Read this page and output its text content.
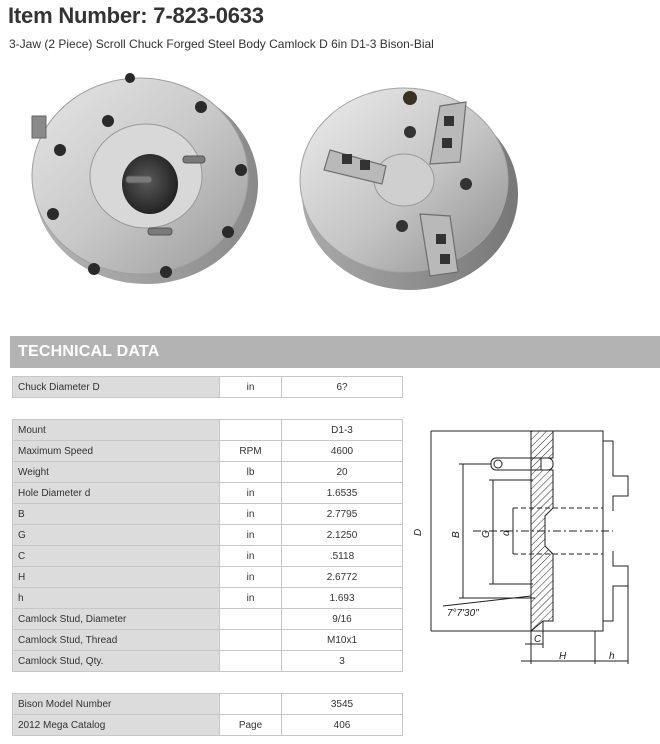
Item Number: 7-823-0633
3-Jaw (2 Piece) Scroll Chuck Forged Steel Body Camlock D 6in D1-3 Bison-Bial
TECHNICAL DATA
Chuck Diameter D	in	6?
Mount		D1-3
Maximum Speed	RPM	4600
Weight	lb	20
Hole Diameter d	in	1.6535
B	in	2.7795
G	in	2.1250
C	in	.5118
H	in	2.6772
h	in	1.693
Camlock Stud, Diameter		9/16
Camlock Stud, Thread		M10x1
Camlock Stud, Qty.		3
Bison Model Number		3545
2012 Mega Catalog	Page	406
D	B G d
C
H	h
7°7'30"
